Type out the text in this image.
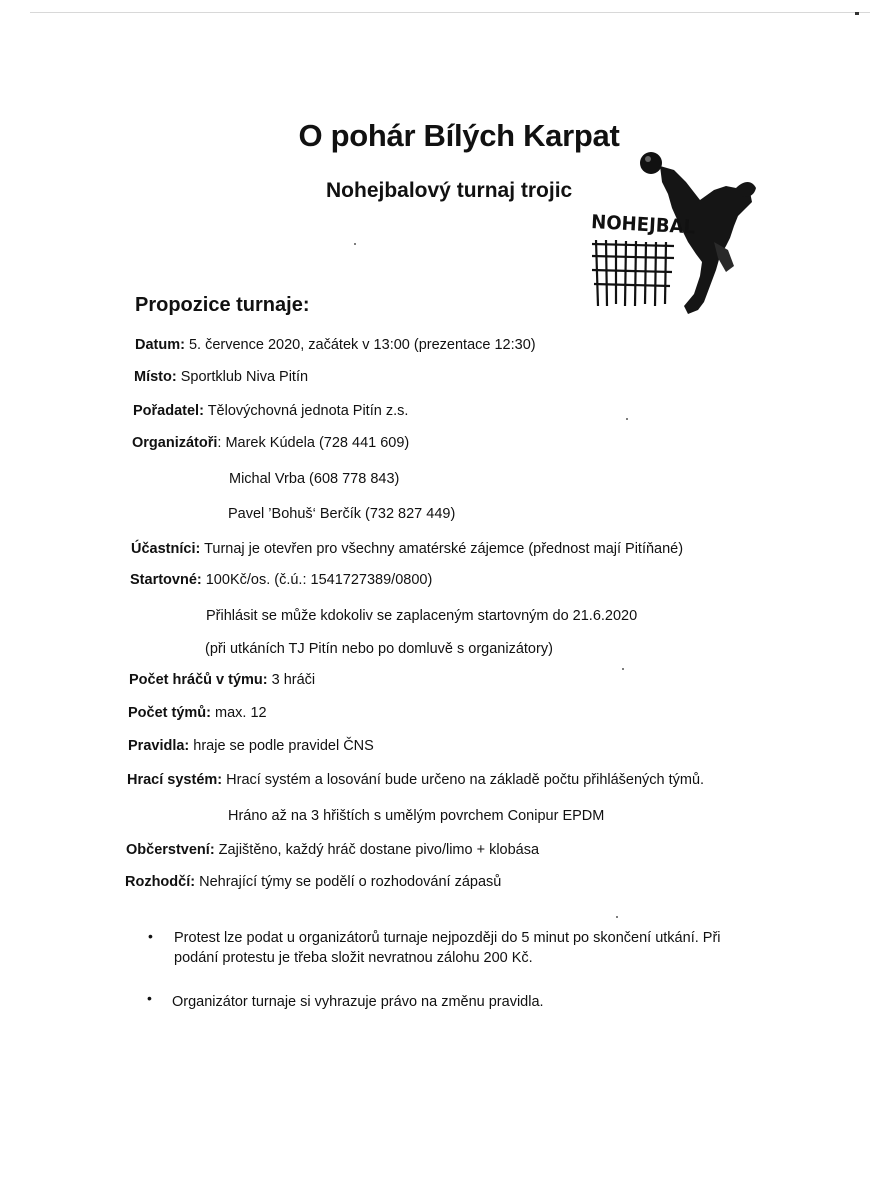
O pohár Bílých Karpat
Nohejbalový turnaj trojic
NOHEJBAL
Propozice turnaje:
Datum: 5. července 2020, začátek v 13:00 (prezentace 12:30)
Místo: Sportklub Niva Pitín
Pořadatel: Tělovýchovná jednota Pitín z.s.
Organizátoři: Marek Kúdela (728 441 609)
Michal Vrba (608 778 843)
Pavel ’Bohuš‘ Berčík (732 827 449)
Účastníci: Turnaj je otevřen pro všechny amatérské zájemce (přednost mají Pitíňané)
Startovné: 100Kč/os. (č.ú.: 1541727389/0800)
Přihlásit se může kdokoliv se zaplaceným startovným do 21.6.2020
(při utkáních TJ Pitín nebo po domluvě s organizátory)
Počet hráčů v týmu: 3 hráči
Počet týmů: max. 12
Pravidla: hraje se podle pravidel ČNS
Hrací systém: Hrací systém a losování bude určeno na základě počtu přihlášených týmů.
Hráno až na 3 hřištích s umělým povrchem Conipur EPDM
Občerstvení: Zajištěno, každý hráč dostane pivo/limo + klobása
Rozhodčí: Nehrající týmy se podělí o rozhodování zápasů
• Protest lze podat u organizátorů turnaje nejpozději do 5 minut po skončení utkání. Při
podání protestu je třeba složit nevratnou zálohu 200 Kč.
• Organizátor turnaje si vyhrazuje právo na změnu pravidla.
